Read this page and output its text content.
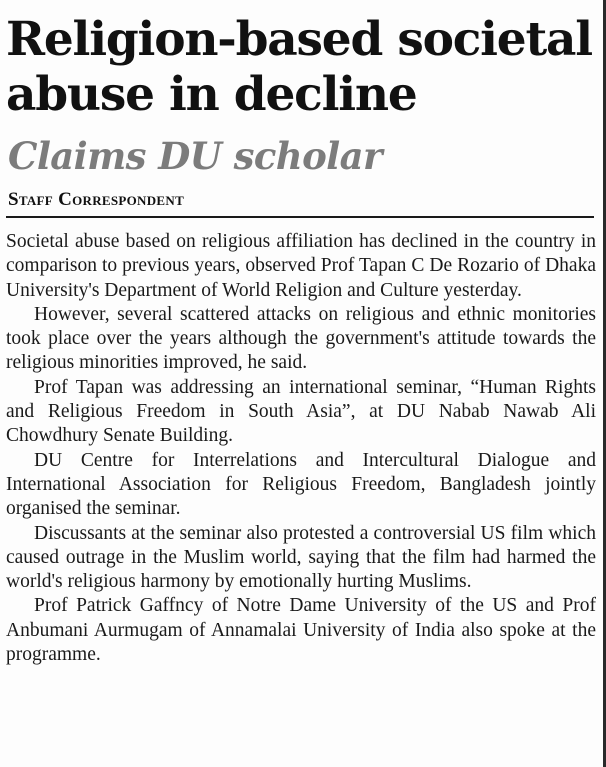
Religion-based societal abuse in decline
Claims DU scholar
Staff Correspondent

Societal abuse based on religious affiliation has declined in the country in comparison to previous years, observed Prof Tapan C De Rozario of Dhaka University's Department of World Religion and Culture yesterday.

However, several scattered attacks on religious and ethnic monitories took place over the years although the government's attitude towards the religious minorities improved, he said.

Prof Tapan was addressing an international seminar, “Human Rights and Religious Freedom in South Asia”, at DU Nabab Nawab Ali Chowdhury Senate Building.

DU Centre for Interrelations and Intercultural Dialogue and International Association for Religious Freedom, Bangladesh jointly organised the seminar.

Discussants at the seminar also protested a controversial US film which caused outrage in the Muslim world, saying that the film had harmed the world's religious harmony by emotionally hurting Muslims.

Prof Patrick Gaffncy of Notre Dame University of the US and Prof Anbumani Aurmugam of Annamalai University of India also spoke at the programme.
